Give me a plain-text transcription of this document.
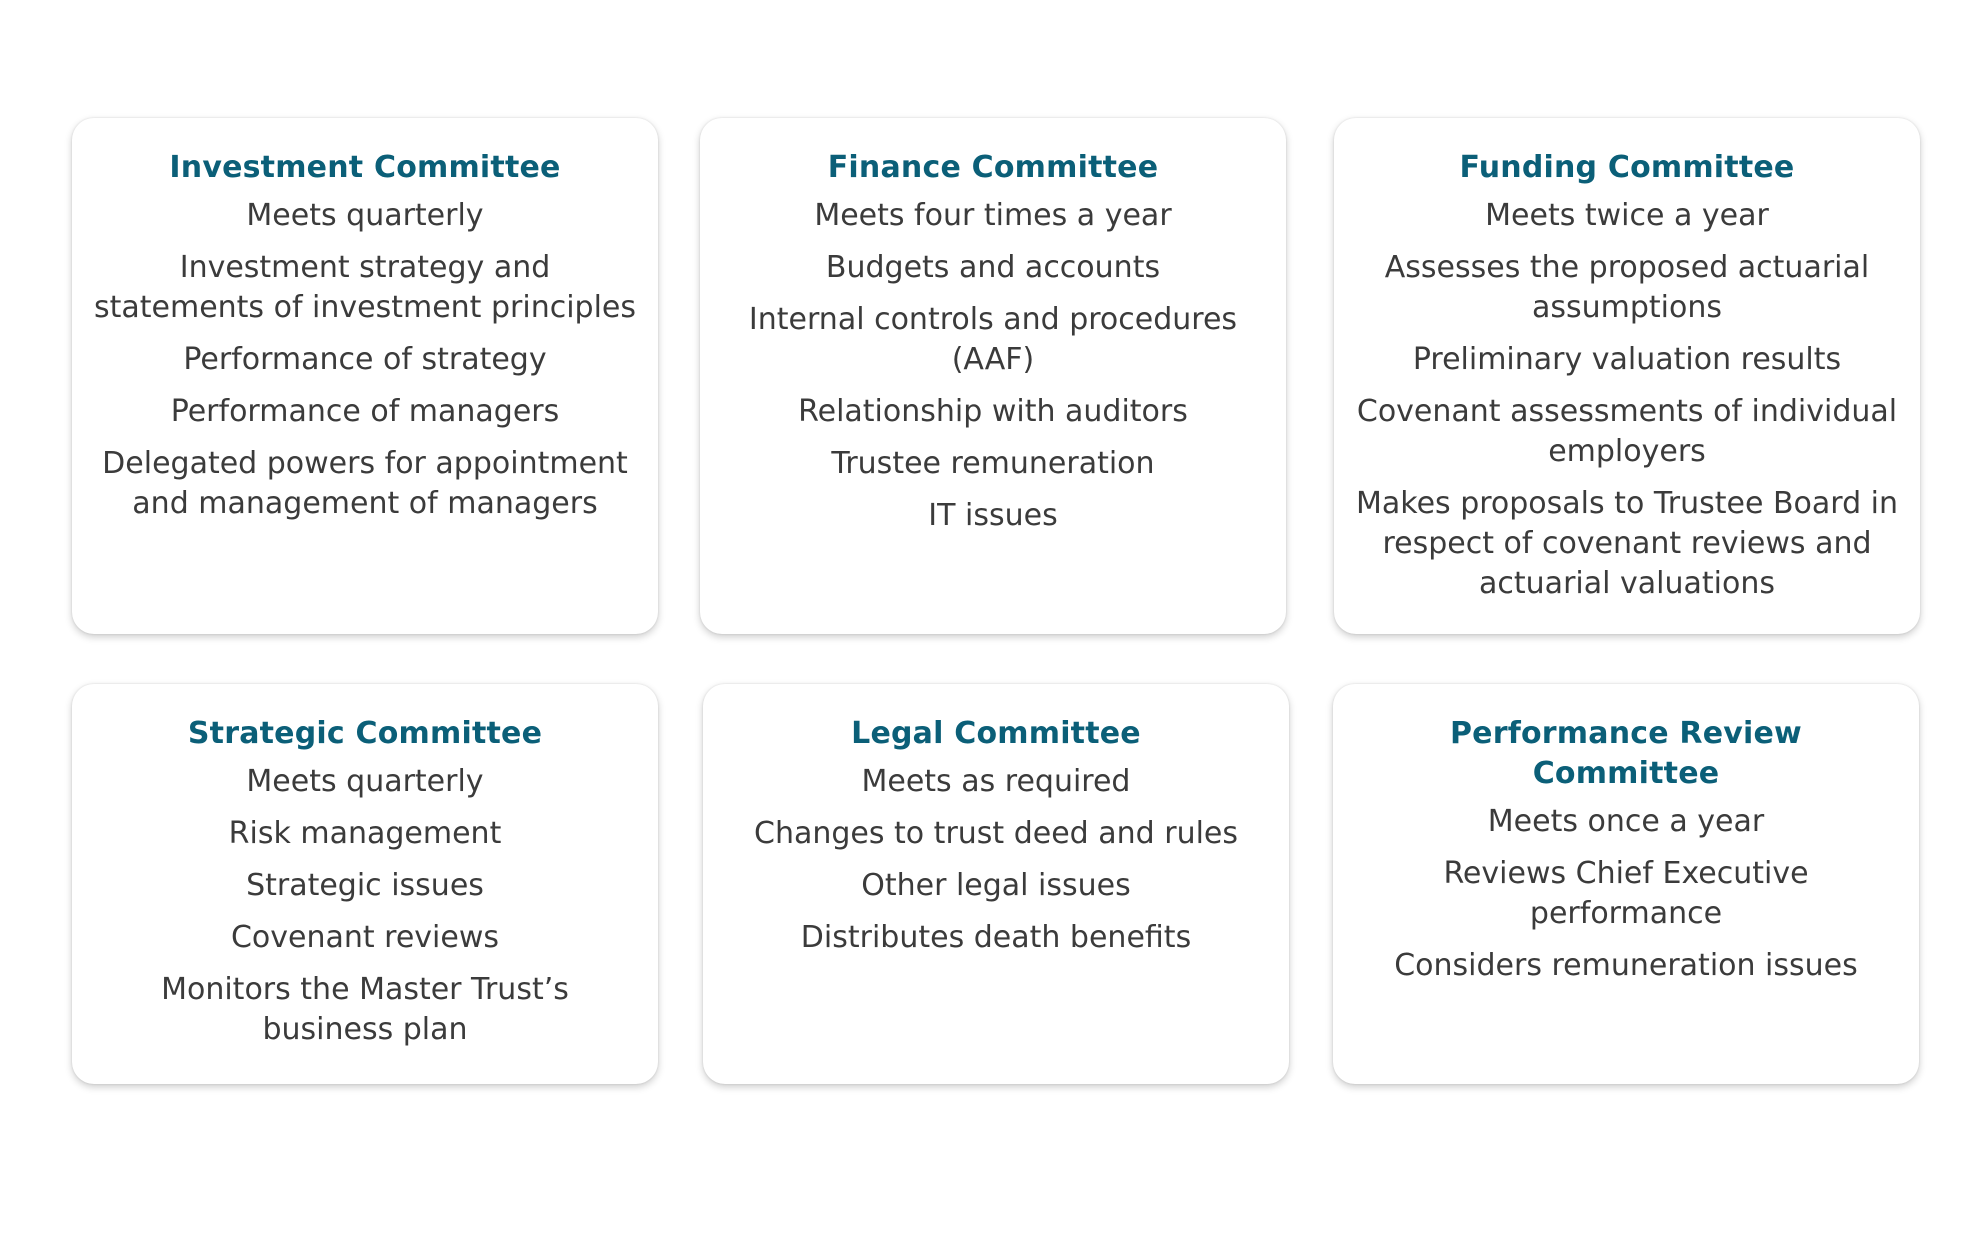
Investment Committee
Meets quarterly
Investment strategy and statements of investment principles
Performance of strategy
Performance of managers
Delegated powers for appointment and management of managers
Finance Committee
Meets four times a year
Budgets and accounts
Internal controls and procedures (AAF)
Relationship with auditors
Trustee remuneration
IT issues
Funding Committee
Meets twice a year
Assesses the proposed actuarial assumptions
Preliminary valuation results
Covenant assessments of individual employers
Makes proposals to Trustee Board in respect of covenant reviews and actuarial valuations
Strategic Committee
Meets quarterly
Risk management
Strategic issues
Covenant reviews
Monitors the Master Trust’s business plan
Legal Committee
Meets as required
Changes to trust deed and rules
Other legal issues
Distributes death benefits
Performance Review Committee
Meets once a year
Reviews Chief Executive performance
Considers remuneration issues
